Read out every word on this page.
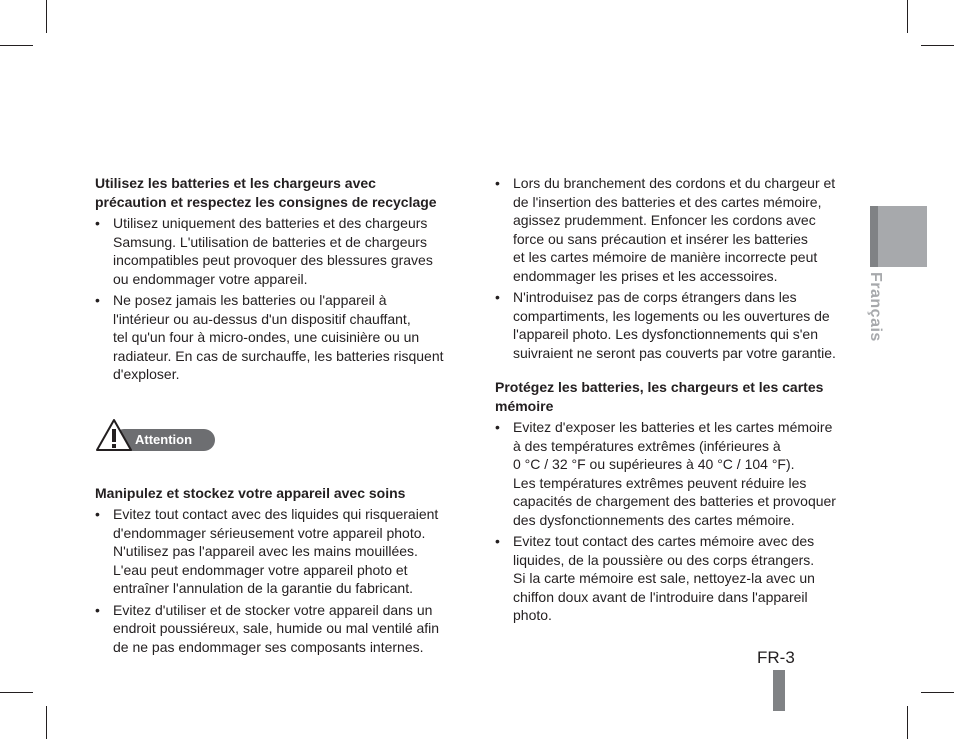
Utilisez les batteries et les chargeurs avec
précaution et respectez les consignes de recyclage

• Utilisez uniquement des batteries et des chargeurs
Samsung. L'utilisation de batteries et de chargeurs
incompatibles peut provoquer des blessures graves
ou endommager votre appareil.
• Ne posez jamais les batteries ou l'appareil à
l'intérieur ou au-dessus d'un dispositif chauffant,
tel qu'un four à micro-ondes, une cuisinière ou un
radiateur. En cas de surchauffe, les batteries risquent
d'exploser.
Attention

Manipulez et stockez votre appareil avec soins

• Evitez tout contact avec des liquides qui risqueraient
d'endommager sérieusement votre appareil photo.
N'utilisez pas l'appareil avec les mains mouillées.
L'eau peut endommager votre appareil photo et
entraîner l'annulation de la garantie du fabricant.
• Evitez d'utiliser et de stocker votre appareil dans un
endroit poussiéreux, sale, humide ou mal ventilé afin
de ne pas endommager ses composants internes.
• Lors du branchement des cordons et du chargeur et
de l'insertion des batteries et des cartes mémoire,
agissez prudemment. Enfoncer les cordons avec
force ou sans précaution et insérer les batteries
et les cartes mémoire de manière incorrecte peut
endommager les prises et les accessoires.
• N'introduisez pas de corps étrangers dans les
compartiments, les logements ou les ouvertures de
l'appareil photo. Les dysfonctionnements qui s'en
suivraient ne seront pas couverts par votre garantie.

Protégez les batteries, les chargeurs et les cartes
mémoire

• Evitez d'exposer les batteries et les cartes mémoire
à des températures extrêmes (inférieures à
0 °C / 32 °F ou supérieures à 40 °C / 104 °F).
Les températures extrêmes peuvent réduire les
capacités de chargement des batteries et provoquer
des dysfonctionnements des cartes mémoire.
• Evitez tout contact des cartes mémoire avec des
liquides, de la poussière ou des corps étrangers.
Si la carte mémoire est sale, nettoyez-la avec un
chiffon doux avant de l'introduire dans l'appareil
photo.
Français
FR-3
